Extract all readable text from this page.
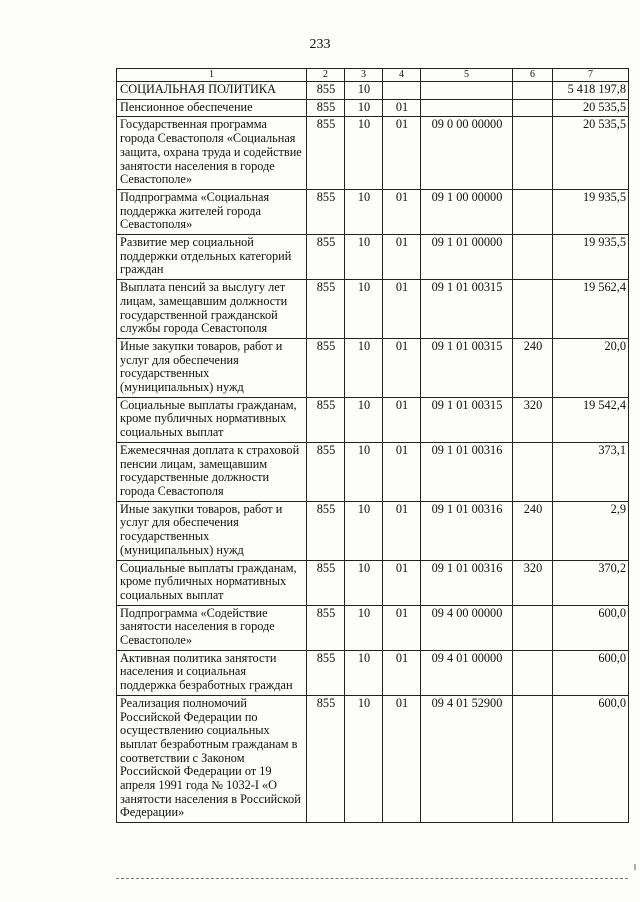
233
1	2	3	4	5	6	7
СОЦИАЛЬНАЯ ПОЛИТИКА	855	10				5 418 197,8
Пенсионное обеспечение	855	10	01			20 535,5
Государственная программа города Севастополя «Социальная защита, охрана труда и содействие занятости населения в городе Севастополе»	855	10	01	09 0 00 00000		20 535,5
Подпрограмма «Социальная поддержка жителей города Севастополя»	855	10	01	09 1 00 00000		19 935,5
Развитие мер социальной поддержки отдельных категорий граждан	855	10	01	09 1 01 00000		19 935,5
Выплата пенсий за выслугу лет лицам, замещавшим должности государственной гражданской службы города Севастополя	855	10	01	09 1 01 00315		19 562,4
Иные закупки товаров, работ и услуг для обеспечения государственных (муниципальных) нужд	855	10	01	09 1 01 00315	240	20,0
Социальные выплаты гражданам, кроме публичных нормативных социальных выплат	855	10	01	09 1 01 00315	320	19 542,4
Ежемесячная доплата к страховой пенсии лицам, замещавшим государственные должности города Севастополя	855	10	01	09 1 01 00316		373,1
Иные закупки товаров, работ и услуг для обеспечения государственных (муниципальных) нужд	855	10	01	09 1 01 00316	240	2,9
Социальные выплаты гражданам, кроме публичных нормативных социальных выплат	855	10	01	09 1 01 00316	320	370,2
Подпрограмма «Содействие занятости населения в городе Севастополе»	855	10	01	09 4 00 00000		600,0
Активная политика занятости населения и социальная поддержка безработных граждан	855	10	01	09 4 01 00000		600,0
Реализация полномочий Российской Федерации по осуществлению социальных выплат безработным гражданам в соответствии с Законом Российской Федерации от 19 апреля 1991 года № 1032-I «О занятости населения в Российской Федерации»	855	10	01	09 4 01 52900		600,0
